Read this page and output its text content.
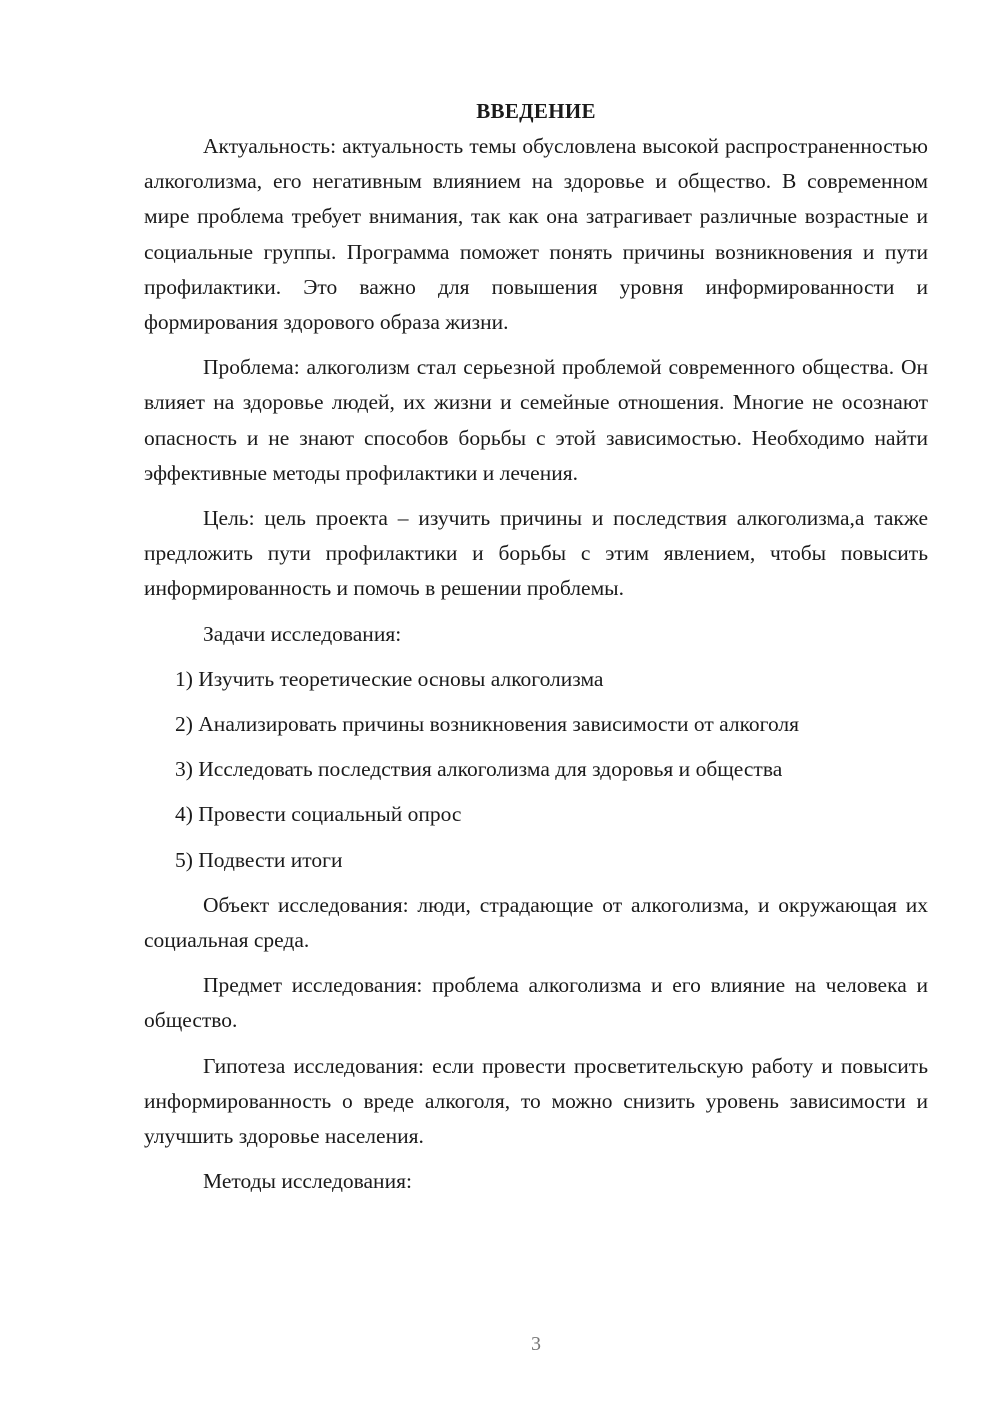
ВВЕДЕНИЕ

Актуальность: актуальность темы обусловлена высокой распространенностью алкоголизма, его негативным влиянием на здоровье и общество. В современном мире проблема требует внимания, так как она затрагивает различные возрастные и социальные группы. Программа поможет понять причины возникновения и пути профилактики. Это важно для повышения уровня информированности и формирования здорового образа жизни.

Проблема: алкоголизм стал серьезной проблемой современного общества. Он влияет на здоровье людей, их жизни и семейные отношения. Многие не осознают опасность и не знают способов борьбы с этой зависимостью. Необходимо найти эффективные методы профилактики и лечения.

Цель: цель проекта – изучить причины и последствия алкоголизма,а также предложить пути профилактики и борьбы с этим явлением, чтобы повысить информированность и помочь в решении проблемы.

Задачи исследования:

1) Изучить теоретические основы алкоголизма
2) Анализировать причины возникновения зависимости от алкоголя
3) Исследовать последствия алкоголизма для здоровья и общества
4) Провести социальный опрос
5) Подвести итоги

Объект исследования: люди, страдающие от алкоголизма, и окружающая их социальная среда.

Предмет исследования: проблема алкоголизма и его влияние на человека и общество.

Гипотеза исследования: если провести просветительскую работу и повысить информированность о вреде алкоголя, то можно снизить уровень зависимости и улучшить здоровье населения.

Методы исследования:

3
